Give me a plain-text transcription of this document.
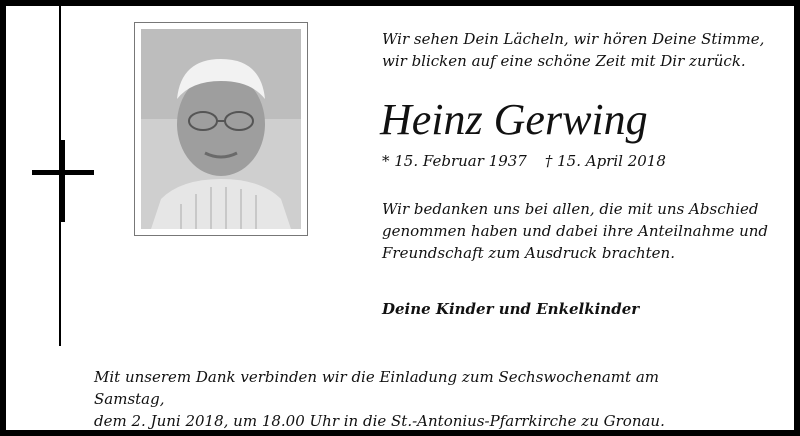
Wir sehen Dein Lächeln, wir hören Deine Stimme,
wir blicken auf eine schöne Zeit mit Dir zurück.
Heinz Gerwing
* 15. Februar 1937 † 15. April 2018
Wir bedanken uns bei allen, die mit uns Abschied
genommen haben und dabei ihre Anteilnahme und
Freundschaft zum Ausdruck brachten.
Deine Kinder und Enkelkinder
Mit unserem Dank verbinden wir die Einladung zum Sechswochenamt am Samstag,
dem 2. Juni 2018, um 18.00 Uhr in die St.-Antonius-Pfarrkirche zu Gronau.
